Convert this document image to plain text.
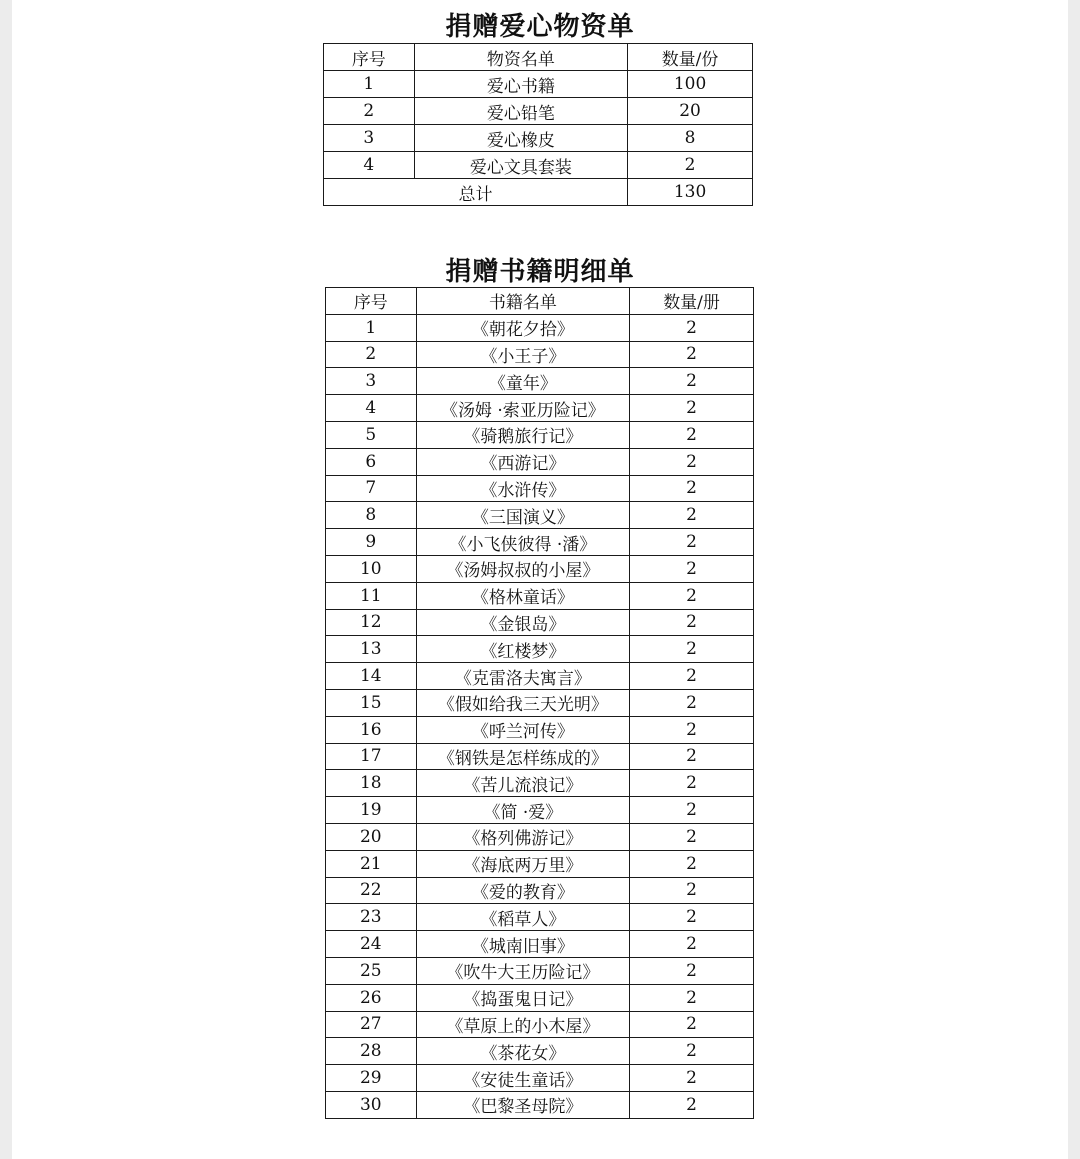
捐赠爱心物资单
序号	物资名单	数量/份
1	爱心书籍	100
2	爱心铅笔	20
3	爱心橡皮	8
4	爱心文具套装	2
总计		130
捐赠书籍明细单
序号	书籍名单	数量/册
1	《朝花夕拾》	2
2	《小王子》	2
3	《童年》	2
4	《汤姆 ·索亚历险记》	2
5	《骑鹅旅行记》	2
6	《西游记》	2
7	《水浒传》	2
8	《三国演义》	2
9	《小飞侠彼得 ·潘》	2
10	《汤姆叔叔的小屋》	2
11	《格林童话》	2
12	《金银岛》	2
13	《红楼梦》	2
14	《克雷洛夫寓言》	2
15	《假如给我三天光明》	2
16	《呼兰河传》	2
17	《钢铁是怎样练成的》	2
18	《苦儿流浪记》	2
19	《简 ·爱》	2
20	《格列佛游记》	2
21	《海底两万里》	2
22	《爱的教育》	2
23	《稻草人》	2
24	《城南旧事》	2
25	《吹牛大王历险记》	2
26	《捣蛋鬼日记》	2
27	《草原上的小木屋》	2
28	《茶花女》	2
29	《安徒生童话》	2
30	《巴黎圣母院》	2
